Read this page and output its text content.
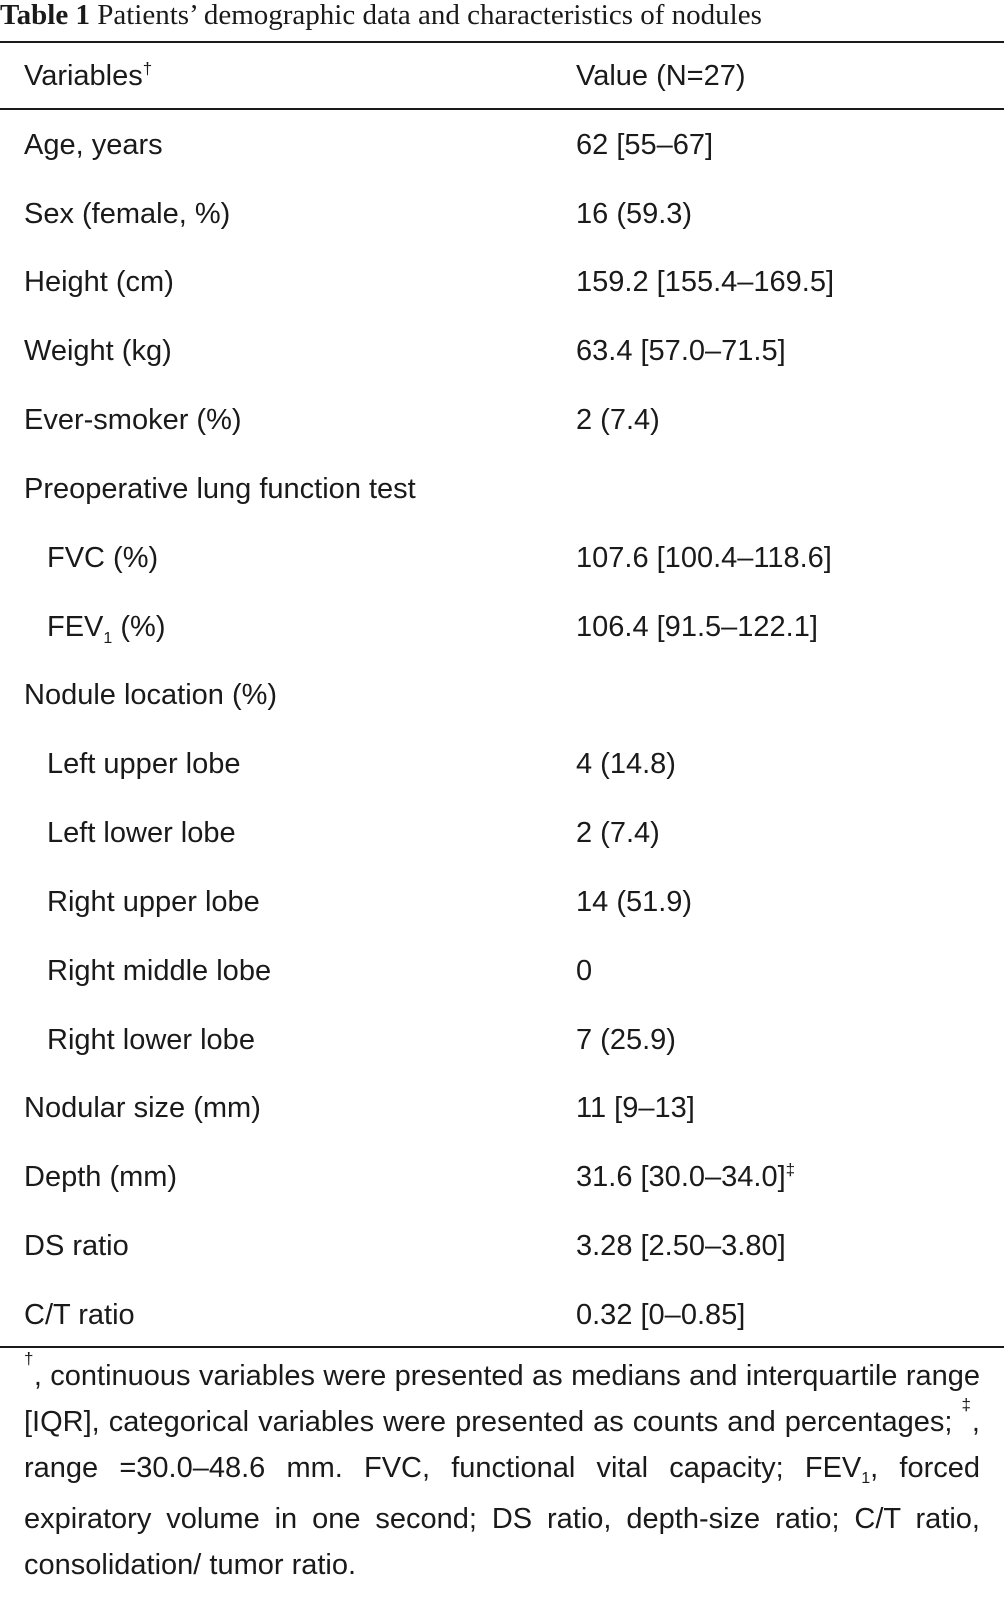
Table 1 Patients’ demographic data and characteristics of nodules
Variables†	Value (N=27)
Age, years	62 [55–67]
Sex (female, %)	16 (59.3)
Height (cm)	159.2 [155.4–169.5]
Weight (kg)	63.4 [57.0–71.5]
Ever-smoker (%)	2 (7.4)
Preoperative lung function test
FVC (%)	107.6 [100.4–118.6]
$FEV_1$ (%)	106.4 [91.5–122.1]
Nodule location (%)
Left upper lobe	4 (14.8)
Left lower lobe	2 (7.4)
Right upper lobe	14 (51.9)
Right middle lobe	0
Right lower lobe	7 (25.9)
Nodular size (mm)	11 [9–13]
Depth (mm)	31.6 [30.0–34.0]‡
DS ratio	3.28 [2.50–3.80]
C/T ratio	0.32 [0–0.85]
†, continuous variables were presented as medians and interquartile range [IQR], categorical variables were presented as counts and percentages; ‡, range =30.0–48.6 mm. FVC, functional vital capacity; $FEV_1$, forced expiratory volume in one second; DS ratio, depth-size ratio; C/T ratio, consolidation/ tumor ratio.
